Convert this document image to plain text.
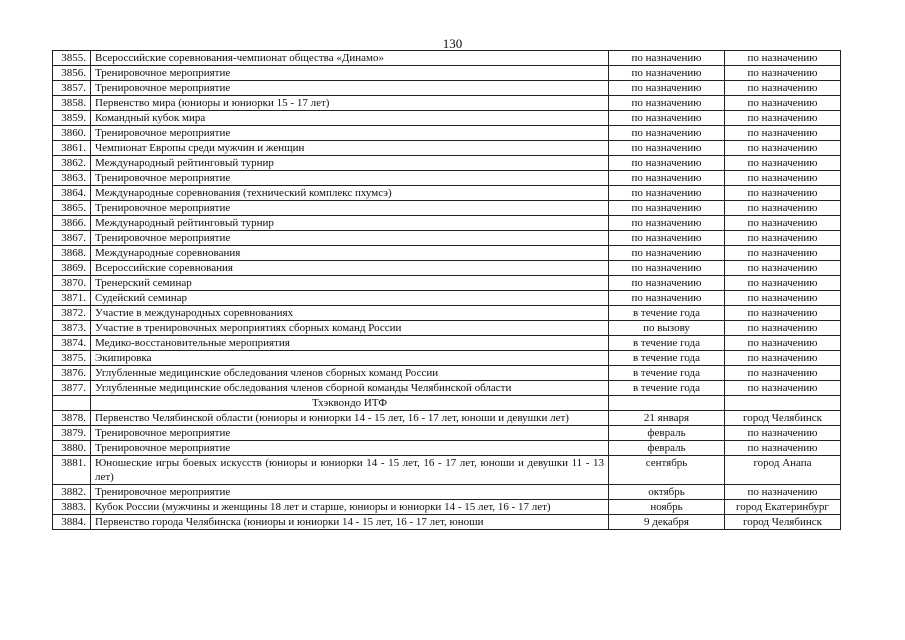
130
3855.	Всероссийские соревнования-чемпионат общества «Динамо»	по назначению	по назначению
3856.	Тренировочное мероприятие	по назначению	по назначению
3857.	Тренировочное мероприятие	по назначению	по назначению
3858.	Первенство мира (юниоры и юниорки 15 - 17 лет)	по назначению	по назначению
3859.	Командный кубок мира	по назначению	по назначению
3860.	Тренировочное мероприятие	по назначению	по назначению
3861.	Чемпионат Европы среди мужчин и женщин	по назначению	по назначению
3862.	Международный рейтинговый турнир	по назначению	по назначению
3863.	Тренировочное мероприятие	по назначению	по назначению
3864.	Международные соревнования (технический комплекс пхумсэ)	по назначению	по назначению
3865.	Тренировочное мероприятие	по назначению	по назначению
3866.	Международный рейтинговый турнир	по назначению	по назначению
3867.	Тренировочное мероприятие	по назначению	по назначению
3868.	Международные соревнования	по назначению	по назначению
3869.	Всероссийские соревнования	по назначению	по назначению
3870.	Тренерский семинар	по назначению	по назначению
3871.	Судейский семинар	по назначению	по назначению
3872.	Участие в международных соревнованиях	в течение года	по назначению
3873.	Участие в тренировочных мероприятиях сборных команд России	по вызову	по назначению
3874.	Медико-восстановительные мероприятия	в течение года	по назначению
3875.	Экипировка	в течение года	по назначению
3876.	Углубленные медицинские обследования членов сборных команд России	в течение года	по назначению
3877.	Углубленные медицинские обследования членов сборной команды Челябинской области	в течение года	по назначению
	Тхэквондо ИТФ		
3878.	Первенство Челябинской области (юниоры и юниорки 14 - 15 лет, 16 - 17 лет, юноши и девушки лет)	21 января	город Челябинск
3879.	Тренировочное мероприятие	февраль	по назначению
3880.	Тренировочное мероприятие	февраль	по назначению
3881.	Юношеские игры боевых искусств (юниоры и юниорки 14 - 15 лет, 16 - 17 лет, юноши и девушки 11 - 13 лет)	сентябрь	город Анапа
3882.	Тренировочное мероприятие	октябрь	по назначению
3883.	Кубок России (мужчины и женщины 18 лет и старше, юниоры и юниорки 14 - 15 лет, 16 - 17 лет)	ноябрь	город Екатеринбург
3884.	Первенство города Челябинска (юниоры и юниорки 14 - 15 лет, 16 - 17 лет, юноши	9 декабря	город Челябинск
